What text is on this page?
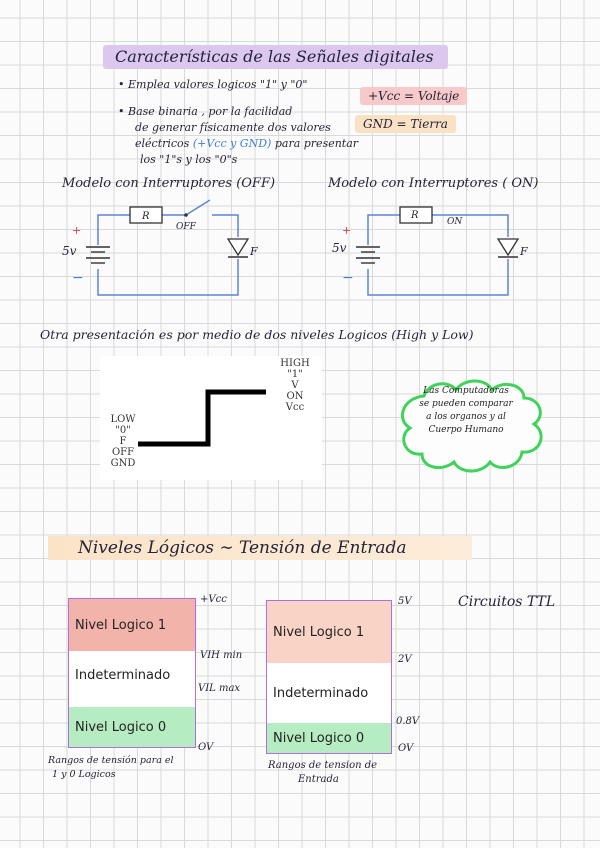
Características de las Señales digitales
• Emplea valores logicos "1" y "0"
• Base binaria , por la facilidad
de generar físicamente dos valores
eléctricos (+Vcc y GND) para presentar
los "1"s y los "0"s
+Vcc = Voltaje
GND = Tierra
Modelo con Interruptores (OFF)	Modelo con Interruptores ( ON)
R
OFF
+
5v
−
F
R
ON
+
5v
−
F
Otra presentación es por medio de dos niveles Logicos (High y Low)
HIGH
"1"
V
ON
Vcc
LOW
"0"
F
OFF
GND
Las Computadoras
se pueden comparar
a los organos y al
Cuerpo Humano
Niveles Lógicos ∼ Tensión de Entrada
Nivel Logico 1
Indeterminado
Nivel Logico 0
+Vcc
VIH min
VIL max
OV
Rangos de tensión para el
1 y 0 Logicos
Nivel Logico 1
Indeterminado
Nivel Logico 0
5V
2V
0.8V
OV
Rangos de tension de
Entrada
Circuitos TTL
